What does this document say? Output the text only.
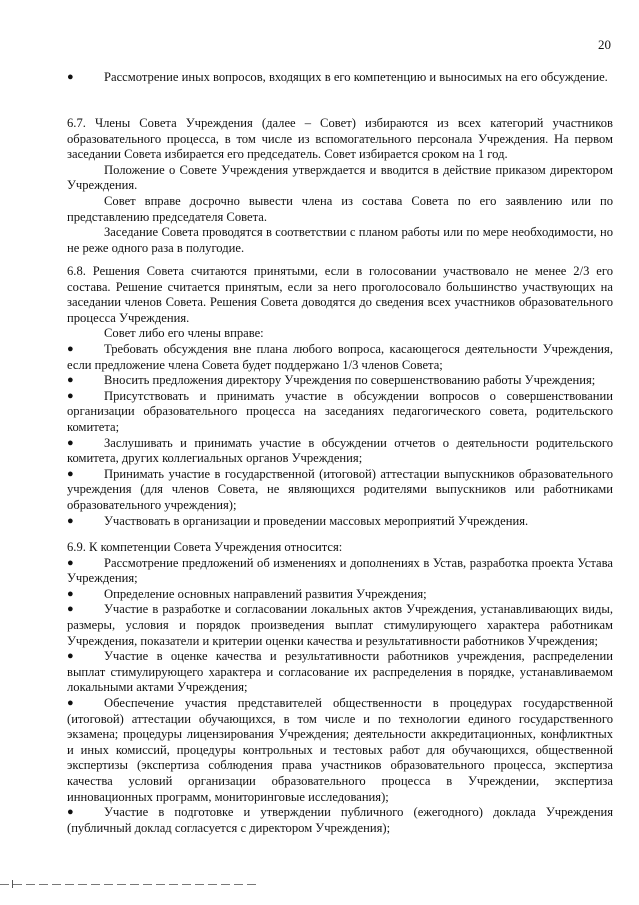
20
● Рассмотрение иных вопросов, входящих в его компетенцию и выносимых на его обсуждение.
6.7. Члены Совета Учреждения (далее – Совет) избираются из всех категорий участников образовательного процесса, в том числе из вспомогательного персонала Учреждения. На первом заседании Совета избирается его председатель. Совет избирается сроком на 1 год.
Положение о Совете Учреждения утверждается и вводится в действие приказом директором Учреждения.
Совет вправе досрочно вывести члена из состава Совета по его заявлению или по представлению председателя Совета.
Заседание Совета проводятся в соответствии с планом работы или по мере необходимости, но не реже одного раза в полугодие.
6.8. Решения Совета считаются принятыми, если в голосовании участвовало не менее 2/3 его состава. Решение считается принятым, если за него проголосовало большинство участвующих на заседании членов Совета. Решения Совета доводятся до сведения всех участников образовательного процесса Учреждения.
Совет либо его члены вправе:
● Требовать обсуждения вне плана любого вопроса, касающегося деятельности Учреждения, если предложение члена Совета будет поддержано 1/3 членов Совета;
● Вносить предложения директору Учреждения по совершенствованию работы Учреждения;
● Присутствовать и принимать участие в обсуждении вопросов о совершенствовании организации образовательного процесса на заседаниях педагогического совета, родительского комитета;
● Заслушивать и принимать участие в обсуждении отчетов о деятельности родительского комитета, других коллегиальных органов Учреждения;
● Принимать участие в государственной (итоговой) аттестации выпускников образовательного учреждения (для членов Совета, не являющихся родителями выпускников или работниками образовательного учреждения);
● Участвовать в организации и проведении массовых мероприятий Учреждения.
6.9. К компетенции Совета Учреждения относится:
● Рассмотрение предложений об изменениях и дополнениях в Устав, разработка проекта Устава Учреждения;
● Определение основных направлений развития Учреждения;
● Участие в разработке и согласовании локальных актов Учреждения, устанавливающих виды, размеры, условия и порядок произведения выплат стимулирующего характера работникам Учреждения, показатели и критерии оценки качества и результативности работников Учреждения;
● Участие в оценке качества и результативности работников учреждения, распределении выплат стимулирующего характера и согласование их распределения в порядке, устанавливаемом локальными актами Учреждения;
● Обеспечение участия представителей общественности в процедурах государственной (итоговой) аттестации обучающихся, в том числе и по технологии единого государственного экзамена; процедуры лицензирования Учреждения; деятельности аккредитационных, конфликтных и иных комиссий, процедуры контрольных и тестовых работ для обучающихся, общественной экспертизы (экспертиза соблюдения права участников образовательного процесса, экспертиза качества условий организации образовательного процесса в Учреждении, экспертиза инновационных программ, мониторинговые исследования);
● Участие в подготовке и утверждении публичного (ежегодного) доклада Учреждения (публичный доклад согласуется с директором Учреждения);
